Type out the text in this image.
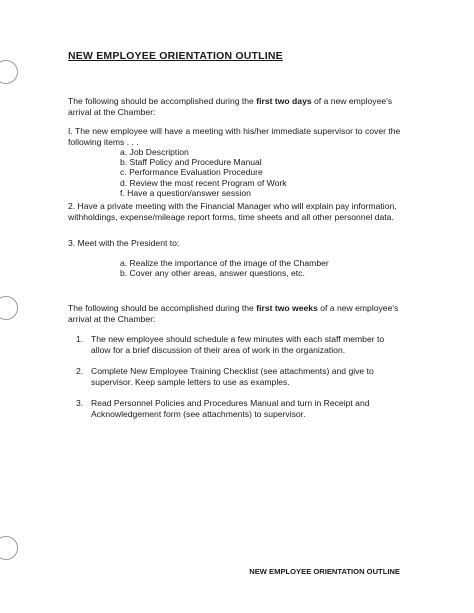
NEW EMPLOYEE ORIENTATION OUTLINE
The following should be accomplished during the first two days of a new employee's arrival at the Chamber:
I. The new employee will have a meeting with his/her immediate supervisor to cover the following items . . .
a. Job Description
b. Staff Policy and Procedure Manual
c. Performance Evaluation Procedure
d. Review the most recent Program of Work
f. Have a question/answer session
2. Have a private meeting with the Financial Manager who will explain pay information, withholdings, expense/mileage report forms, time sheets and all other personnel data.
3. Meet with the President to:
a. Realize the importance of the image of the Chamber
b. Cover any other areas, answer questions, etc.
The following should be accomplished during the first two weeks of a new employee's arrival at the Chamber:
1. The new employee should schedule a few minutes with each staff member to allow for a brief discussion of their area of work in the organization.
2. Complete New Employee Training Checklist (see attachments) and give to supervisor. Keep sample letters to use as examples.
3. Read Personnel Policies and Procedures Manual and turn in Receipt and Acknowledgement form (see attachments) to supervisor.
NEW EMPLOYEE ORIENTATION OUTLINE
